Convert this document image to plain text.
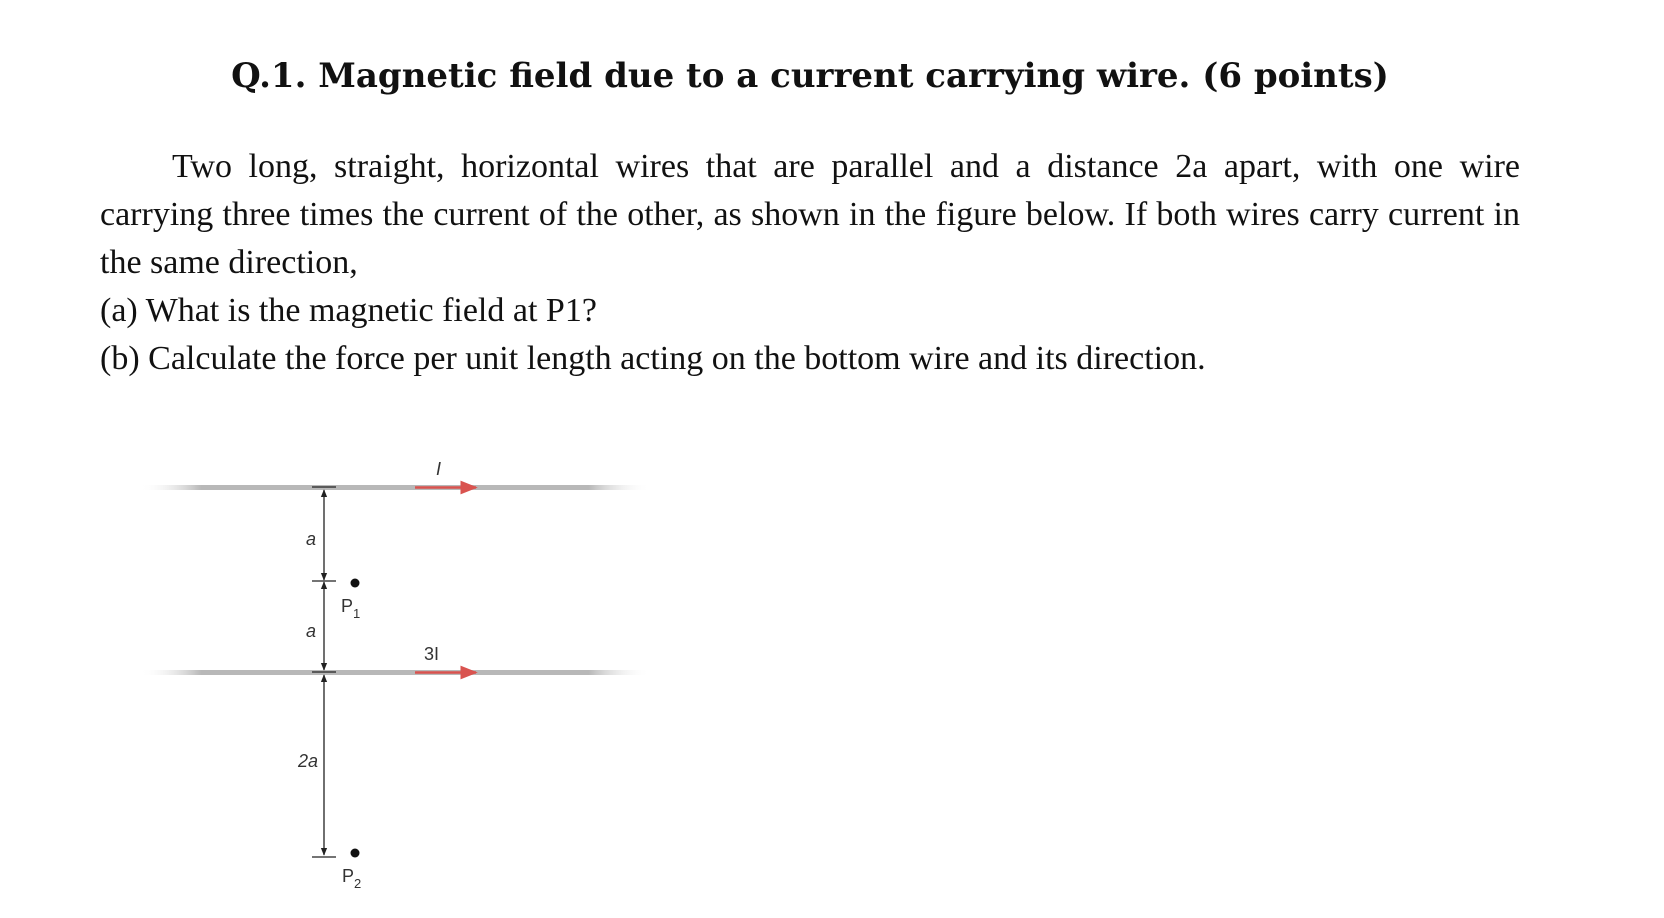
Q.1. Magnetic field due to a current carrying wire. (6 points)

Two long, straight, horizontal wires that are parallel and a distance 2a apart, with one wire carrying three times the current of the other, as shown in the figure below. If both wires carry current in the same direction,

(a) What is the magnetic field at P1?

(b) Calculate the force per unit length acting on the bottom wire and its direction.

I
3I
a
a
2a
$P_1$
$P_2$
